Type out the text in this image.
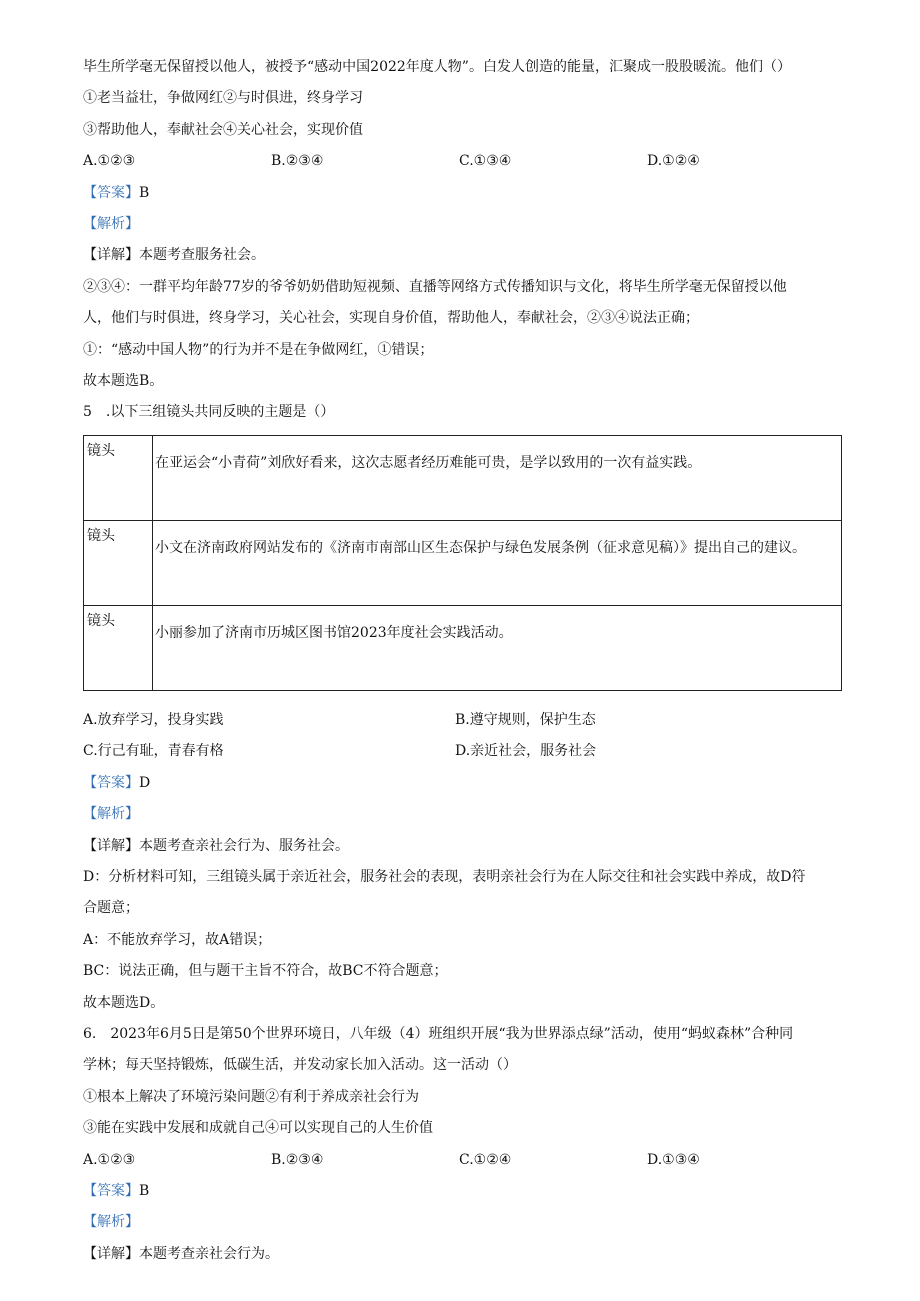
毕生所学毫无保留授以他人，被授予“感动中国2022年度人物”。白发人创造的能量，汇聚成一股股暖流。他们（）
①老当益壮，争做网红②与时俱进，终身学习
③帮助他人，奉献社会④关心社会，实现价值
A.①②③	B.②③④	C.①③④	D.①②④
【答案】B
【解析】
【详解】本题考查服务社会。
②③④：一群平均年龄77岁的爷爷奶奶借助短视频、直播等网络方式传播知识与文化，将毕生所学毫无保留授以他
人，他们与时俱进，终身学习，关心社会，实现自身价值，帮助他人，奉献社会，②③④说法正确；
①：“感动中国人物”的行为并不是在争做网红，①错误；
故本题选B。
5　.以下三组镜头共同反映的主题是（）
镜头	在亚运会“小青荷”刘欣好看来，这次志愿者经历难能可贵，是学以致用的一次有益实践。
镜头	小文在济南政府网站发布的《济南市南部山区生态保护与绿色发展条例（征求意见稿）》提出自己的建议。
镜头	小丽参加了济南市历城区图书馆2023年度社会实践活动。
A.放弃学习，投身实践	B.遵守规则，保护生态
C.行己有耻，青春有格	D.亲近社会，服务社会
【答案】D
【解析】
【详解】本题考查亲社会行为、服务社会。
D：分析材料可知，三组镜头属于亲近社会，服务社会的表现，表明亲社会行为在人际交往和社会实践中养成，故D符
合题意；
A：不能放弃学习，故A错误；
BC：说法正确，但与题干主旨不符合，故BC不符合题意；
故本题选D。
6.　2023年6月5日是第50个世界环境日，八年级（4）班组织开展“我为世界添点绿”活动，使用“蚂蚁森林”合种同
学林；每天坚持锻炼，低碳生活，并发动家长加入活动。这一活动（）
①根本上解决了环境污染问题②有利于养成亲社会行为
③能在实践中发展和成就自己④可以实现自己的人生价值
A.①②③	B.②③④	C.①②④	D.①③④
【答案】B
【解析】
【详解】本题考查亲社会行为。
